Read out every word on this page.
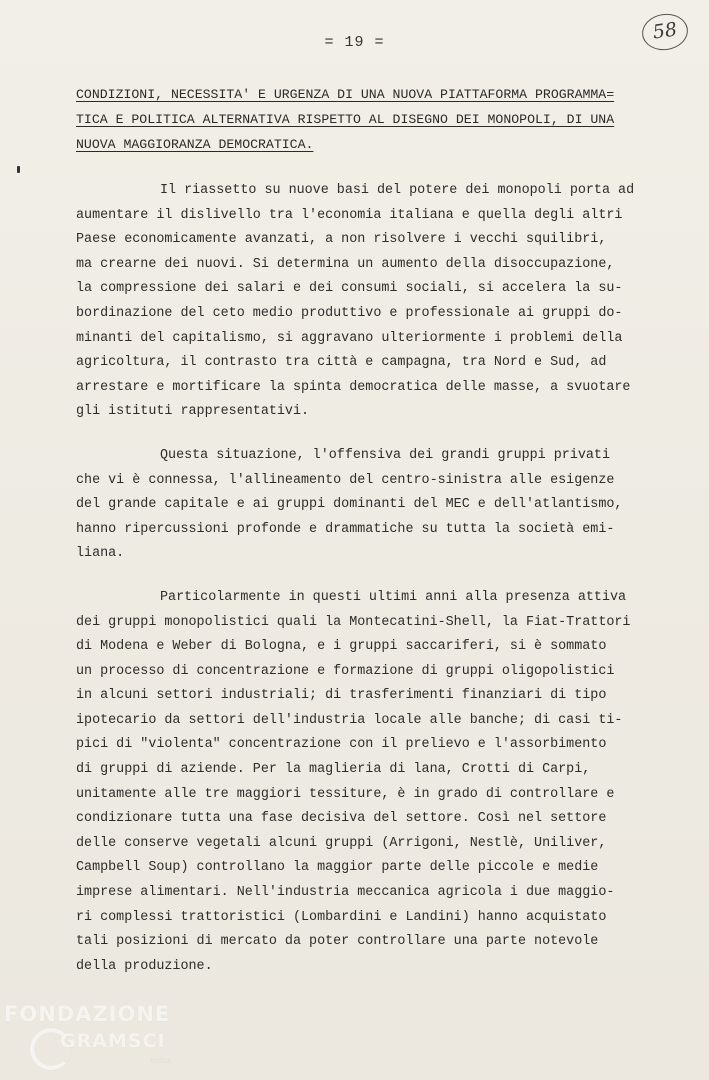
= 19 =	58
CONDIZIONI, NECESSITA' E URGENZA DI UNA NUOVA PIATTAFORMA PROGRAMMA=
TICA E POLITICA ALTERNATIVA RISPETTO AL DISEGNO DEI MONOPOLI, DI UNA
NUOVA MAGGIORANZA DEMOCRATICA.
Il riassetto su nuove basi del potere dei monopoli porta ad
aumentare il dislivello tra l'economia italiana e quella degli altri
Paese economicamente avanzati, a non risolvere i vecchi squilibri,
ma crearne dei nuovi. Si determina un aumento della disoccupazione,
la compressione dei salari e dei consumi sociali, si accelera la su-
bordinazione del ceto medio produttivo e professionale ai gruppi do-
minanti del capitalismo, si aggravano ulteriormente i problemi della
agricoltura, il contrasto tra città e campagna, tra Nord e Sud, ad
arrestare e mortificare la spinta democratica delle masse, a svuotare
gli istituti rappresentativi.
Questa situazione, l'offensiva dei grandi gruppi privati
che vi è connessa, l'allineamento del centro-sinistra alle esigenze
del grande capitale e ai gruppi dominanti del MEC e dell'atlantismo,
hanno ripercussioni profonde e drammatiche su tutta la società emi-
liana.
Particolarmente in questi ultimi anni alla presenza attiva
dei gruppi monopolistici quali la Montecatini-Shell, la Fiat-Trattori
di Modena e Weber di Bologna, e i gruppi saccariferi, si è sommato
un processo di concentrazione e formazione di gruppi oligopolistici
in alcuni settori industriali; di trasferimenti finanziari di tipo
ipotecario da settori dell'industria locale alle banche; di casi ti-
pici di "violenta" concentrazione con il prelievo e l'assorbimento
di gruppi di aziende. Per la maglieria di lana, Crotti di Carpi,
unitamente alle tre maggiori tessiture, è in grado di controllare e
condizionare tutta una fase decisiva del settore. Così nel settore
delle conserve vegetali alcuni gruppi (Arrigoni, Nestlè, Uniliver,
Campbell Soup) controllano la maggior parte delle piccole e medie
imprese alimentari. Nell'industria meccanica agricola i due maggio-
ri complessi trattoristici (Lombardini e Landini) hanno acquistato
tali posizioni di mercato da poter controllare una parte notevole
della produzione.
FONDAZIONE
GRAMSCI
onlus
